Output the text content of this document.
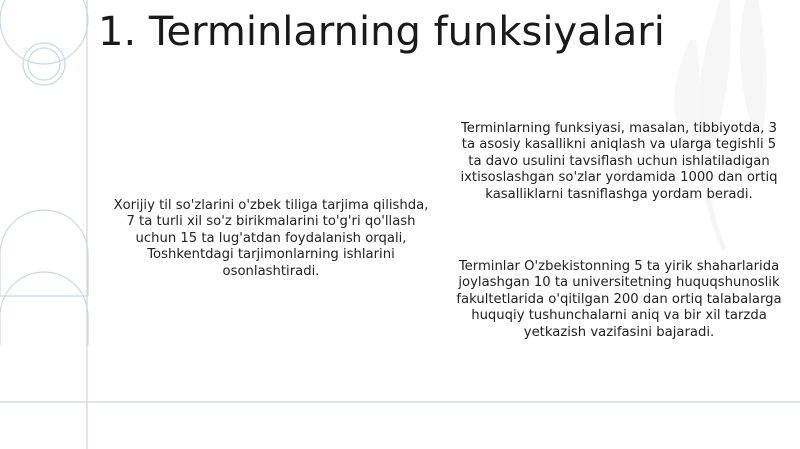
1. Terminlarning funksiyalari

Xorijiy til so'zlarini o'zbek tiliga tarjima qilishda, 7 ta turli xil so'z birikmalarini to'g'ri qo'llash uchun 15 ta lug'atdan foydalanish orqali, Toshkentdagi tarjimonlarning ishlarini osonlashtiradi.

Terminlarning funksiyasi, masalan, tibbiyotda, 3 ta asosiy kasallikni aniqlash va ularga tegishli 5 ta davo usulini tavsiflash uchun ishlatiladigan ixtisoslashgan so'zlar yordamida 1000 dan ortiq kasalliklarni tasniflashga yordam beradi.

Terminlar O'zbekistonning 5 ta yirik shaharlarida joylashgan 10 ta universitetning huquqshunoslik fakultetlarida o'qitilgan 200 dan ortiq talabalarga huquqiy tushunchalarni aniq va bir xil tarzda yetkazish vazifasini bajaradi.
